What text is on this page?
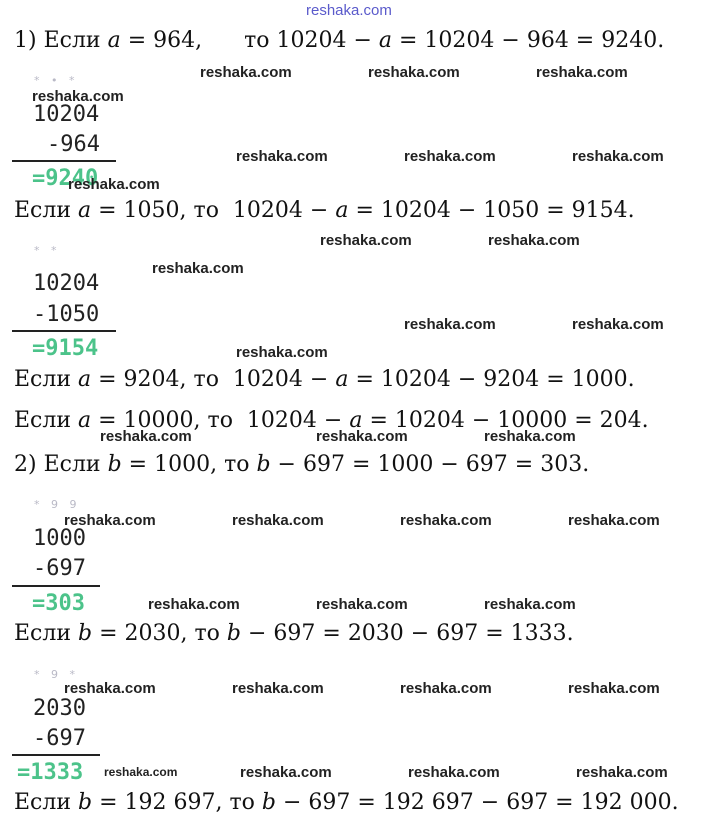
reshaka.com
1) Если 𝑎 = 964,      то 10204 − 𝑎 = 10204 − 964 = 9240.
Если 𝑎 = 1050, то  10204 − 𝑎 = 10204 − 1050 = 9154.
Если 𝑎 = 9204, то  10204 − 𝑎 = 10204 − 9204 = 1000.
Если 𝑎 = 10000, то  10204 − 𝑎 = 10204 − 10000 = 204.
2) Если 𝑏 = 1000, то 𝑏 − 697 = 1000 − 697 = 303.
Если 𝑏 = 2030, то 𝑏 − 697 = 2030 − 697 = 1333.
Если 𝑏 = 192 697, то 𝑏 − 697 = 192 697 − 697 = 192 000.
* • *
10204
-964
=9240
* *
10204
-1050
=9154
* 9 9
1000
-697
=303
* 9 *
2030
-697
=1333
reshaka.com	reshaka.com	reshaka.com
reshaka.com
reshaka.com	reshaka.com	reshaka.com
reshaka.com
reshaka.com	reshaka.com
reshaka.com
reshaka.com	reshaka.com
reshaka.com
reshaka.com	reshaka.com	reshaka.com
reshaka.com	reshaka.com	reshaka.com	reshaka.com
reshaka.com	reshaka.com	reshaka.com
reshaka.com	reshaka.com	reshaka.com	reshaka.com
reshaka.com	reshaka.com	reshaka.com	reshaka.com
